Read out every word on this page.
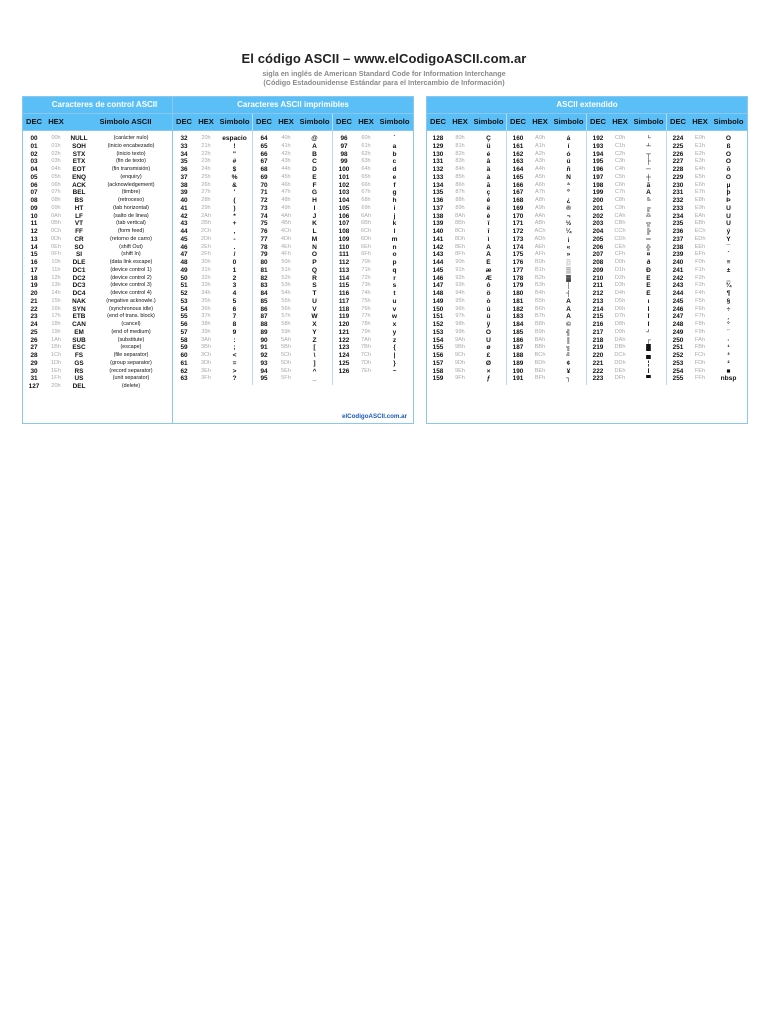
El código ASCII – www.elCodigoASCII.com.ar
sigla en inglés de American Standard Code for Information Interchange
(Código Estadounidense Estándar para el Intercambio de Información)
Caracteres de control ASCII
DEC HEX	Simbolo ASCII
00	00h	NULL	(carácter nulo)
01	01h	SOH	(inicio encabezado)
02	02h	STX	(inicio texto)
03	03h	ETX	(fin de texto)
04	04h	EOT	(fin transmisión)
05	05h	ENQ	(enquiry)
06	06h	ACK	(acknowledgement)
07	07h	BEL	(timbre)
08	08h	BS	(retroceso)
09	09h	HT	(tab horizontal)
10	0Ah	LF	(salto de linea)
11	0Bh	VT	(tab vertical)
12	0Ch	FF	(form feed)
13	0Dh	CR	(retorno de carro)
14	0Eh	SO	(shift Out)
15	0Fh	SI	(shift In)
16	10h	DLE	(data link escape)
17	11h	DC1	(device control 1)
18	12h	DC2	(device control 2)
19	13h	DC3	(device control 3)
20	14h	DC4	(device control 4)
21	15h	NAK	(negative acknowle.)
22	16h	SYN	(synchronous idle)
23	17h	ETB	(end of trans. block)
24	18h	CAN	(cancel)
25	19h	EM	(end of medium)
26	1Ah	SUB	(substitute)
27	1Bh	ESC	(escape)
28	1Ch	FS	(file separator)
29	1Dh	GS	(group separator)
30	1Eh	RS	(record separator)
31	1Fh	US	(unit separator)
127	20h	DEL	(delete)
Caracteres ASCII imprimibles
DEC HEX Simbolo
32	20h	espacio
33	21h	!
34	22h	"
35	23h	#
36	24h	$
37	25h	%
38	26h	&
39	27h	'
40	28h	(
41	29h	)
42	2Ah	*
43	2Bh	+
44	2Ch	,
45	2Dh	-
46	2Eh	.
47	2Fh	/
48	30h	0
49	31h	1
50	32h	2
51	33h	3
52	34h	4
53	35h	5
54	36h	6
55	37h	7
56	38h	8
57	39h	9
58	3Ah	:
59	3Bh	;
60	3Ch	<
61	3Dh	=
62	3Eh	>
63	3Fh	?
DEC HEX Simbolo
64	40h	@
65	41h	A
66	42h	B
67	43h	C
68	44h	D
69	45h	E
70	46h	F
71	47h	G
72	48h	H
73	49h	I
74	4Ah	J
75	4Bh	K
76	4Ch	L
77	4Dh	M
78	4Eh	N
79	4Fh	O
80	50h	P
81	51h	Q
82	52h	R
83	53h	S
84	54h	T
85	55h	U
86	56h	V
87	57h	W
88	58h	X
89	59h	Y
90	5Ah	Z
91	5Bh	[
92	5Ch	\
93	5Dh	]
94	5Eh	^
95	5Fh	_
DEC HEX Simbolo
96	60h	`
97	61h	a
98	62h	b
99	63h	c
100	64h	d
101	65h	e
102	66h	f
103	67h	g
104	68h	h
105	69h	i
106	6Ah	j
107	6Bh	k
108	6Ch	l
109	6Dh	m
110	6Eh	n
111	6Fh	o
112	70h	p
113	71h	q
114	72h	r
115	73h	s
116	74h	t
117	75h	u
118	76h	v
119	77h	w
120	78h	x
121	79h	y
122	7Ah	z
123	7Bh	{
124	7Ch	|
125	7Dh	}
126	7Eh	~
elCodigoASCII.com.ar
ASCII extendido
DEC HEX Simbolo
128	80h	Ç
129	81h	ü
130	82h	é
131	83h	â
132	84h	ä
133	85h	à
134	86h	å
135	87h	ç
136	88h	ê
137	89h	ë
138	8Ah	è
139	8Bh	ï
140	8Ch	î
141	8Dh	ì
142	8Eh	Ä
143	8Fh	Å
144	90h	É
145	91h	æ
146	92h	Æ
147	93h	ô
148	94h	ö
149	95h	ò
150	96h	û
151	97h	ù
152	98h	ÿ
153	99h	Ö
154	9Ah	Ü
155	9Bh	ø
156	9Ch	£
157	9Dh	Ø
158	9Eh	×
159	9Fh	ƒ
DEC HEX Simbolo
160	A0h	á
161	A1h	í
162	A2h	ó
163	A3h	ú
164	A4h	ñ
165	A5h	Ñ
166	A6h	ª
167	A7h	º
168	A8h	¿
169	A9h	®
170	AAh	¬
171	ABh	½
172	ACh	¼
173	ADh	¡
174	AEh	«
175	AFh	»
176	B0h	░
177	B1h	▒
178	B2h	▓
179	B3h	│
180	B4h	┤
181	B5h	Á
182	B6h	Â
183	B7h	À
184	B8h	©
185	B9h	╣
186	BAh	║
187	BBh	╗
188	BCh	╝
189	BDh	¢
190	BEh	¥
191	BFh	┐
DEC HEX Simbolo
192	C0h	└
193	C1h	┴
194	C2h	┬
195	C3h	├
196	C4h	─
197	C5h	┼
198	C6h	ã
199	C7h	Ã
200	C8h	╚
201	C9h	╔
202	CAh	╩
203	CBh	╦
204	CCh	╠
205	CDh	═
206	CEh	╬
207	CFh	¤
208	D0h	ð
209	D1h	Ð
210	D2h	Ê
211	D3h	Ë
212	D4h	È
213	D5h	ı
214	D6h	Í
215	D7h	Î
216	D8h	Ï
217	D9h	┘
218	DAh	┌
219	DBh	█
220	DCh	▄
221	DDh	¦
222	DEh	Ì
223	DFh	▀
DEC HEX Simbolo
224	E0h	Ó
225	E1h	ß
226	E2h	Ô
227	E3h	Ò
228	E4h	õ
229	E5h	Õ
230	E6h	µ
231	E7h	þ
232	E8h	Þ
233	E9h	Ú
234	EAh	Û
235	EBh	Ù
236	ECh	ý
237	EDh	Ý
238	EEh	¯
239	EFh	´
240	F0h	≡
241	F1h	±
242	F2h	‗
243	F3h	¾
244	F4h	¶
245	F5h	§
246	F6h	÷
247	F7h	¸
248	F8h	°
249	F9h	¨
250	FAh	·
251	FBh	¹
252	FCh	³
253	FDh	²
254	FEh	■
255	FFh	nbsp
